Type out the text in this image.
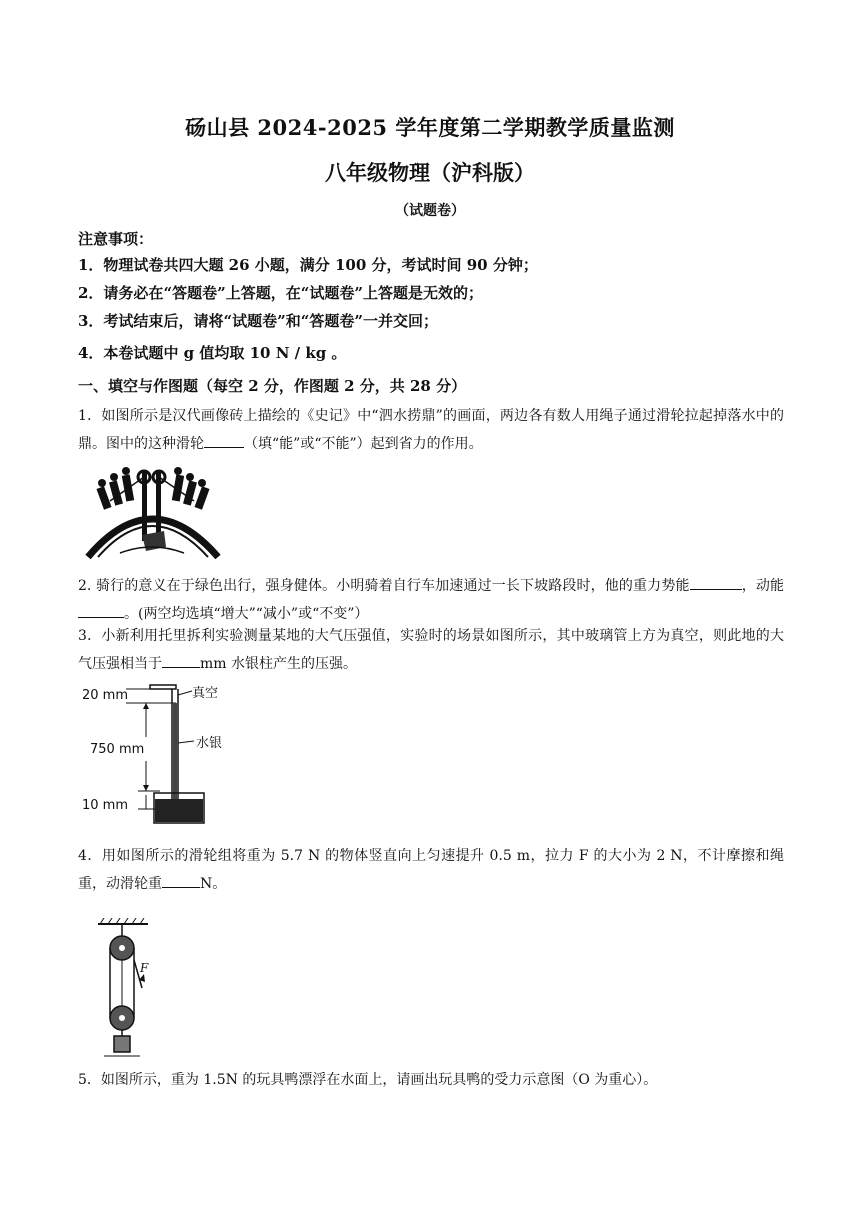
砀山县 2024-2025 学年度第二学期教学质量监测
八年级物理（沪科版）
（试题卷）
注意事项：
1．物理试卷共四大题 26 小题，满分 100 分，考试时间 90 分钟；
2．请务必在“答题卷”上答题，在“试题卷”上答题是无效的；
3．考试结束后，请将“试题卷”和“答题卷”一并交回；
4．本卷试题中 g 值均取 10 N / kg 。
一、填空与作图题（每空 2 分，作图题 2 分，共 28 分）
1．如图所示是汉代画像砖上描绘的《史记》中“泗水捞鼎”的画面，两边各有数人用绳子通过滑轮拉起掉落水中的鼎。图中的这种滑轮	（填“能”或“不能”）起到省力的作用。
2. 骑行的意义在于绿色出行，强身健体。小明骑着自行车加速通过一长下坡路段时，他的重力势能	，动能。(两空均选填“增大”“减小”或“不变”）
3．小新利用托里拆利实验测量某地的大气压强值，实验时的场景如图所示，其中玻璃管上方为真空，则此地的大气压强相当于	mm 水银柱产生的压强。
20 mm
750 mm
10 mm
真空
水银
4．用如图所示的滑轮组将重为 5.7 N 的物体竖直向上匀速提升 0.5 m，拉力 F 的大小为 2 N，不计摩擦和绳重，动滑轮重	N。
F
5．如图所示，重为 1.5N 的玩具鸭漂浮在水面上，请画出玩具鸭的受力示意图（O 为重心）。
